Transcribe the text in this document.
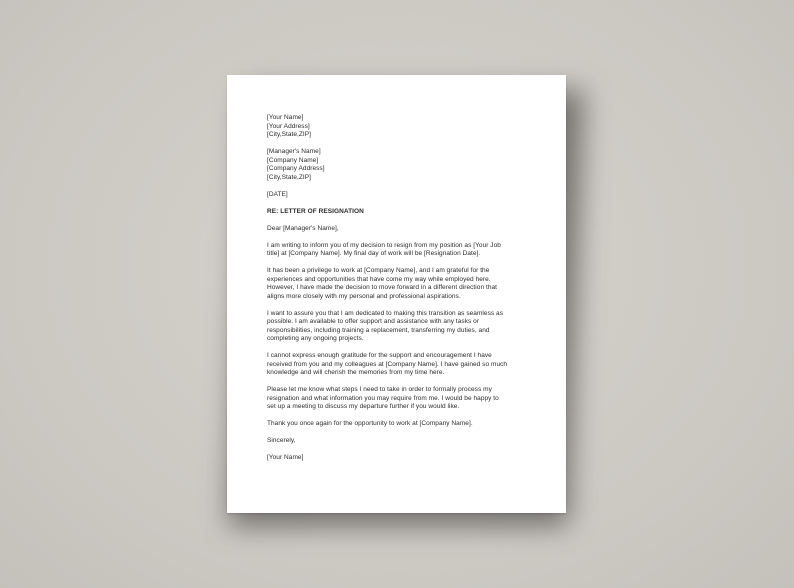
[Your Name]
[Your Address]
[City,State,ZIP]
[Manager's Name]
[Company Name]
[Company Address]
[City,State,ZIP]
[DATE]
RE: LETTER OF RESIGNATION
Dear [Manager's Name],
I am writing to inform you of my decision to resign from my position as [Your Job
title] at [Company Name]. My final day of work will be [Resignation Date].
It has been a privilege to work at [Company Name], and I am grateful for the
experiences and opportunities that have come my way while employed here.
However, I have made the decision to move forward in a different direction that
aligns more closely with my personal and professional aspirations.
I want to assure you that I am dedicated to making this transition as seamless as
possible. I am available to offer support and assistance with any tasks or
responsibilities, including training a replacement, transferring my duties, and
completing any ongoing projects.
I cannot express enough gratitude for the support and encouragement I have
received from you and my colleagues at [Company Name]. I have gained so much
knowledge and will cherish the memories from my time here.
Please let me know what steps I need to take in order to formally process my
resignation and what information you may require from me. I would be happy to
set up a meeting to discuss my departure further if you would like.
Thank you once again for the opportunity to work at [Company Name].
Sincerely,
[Your Name]
